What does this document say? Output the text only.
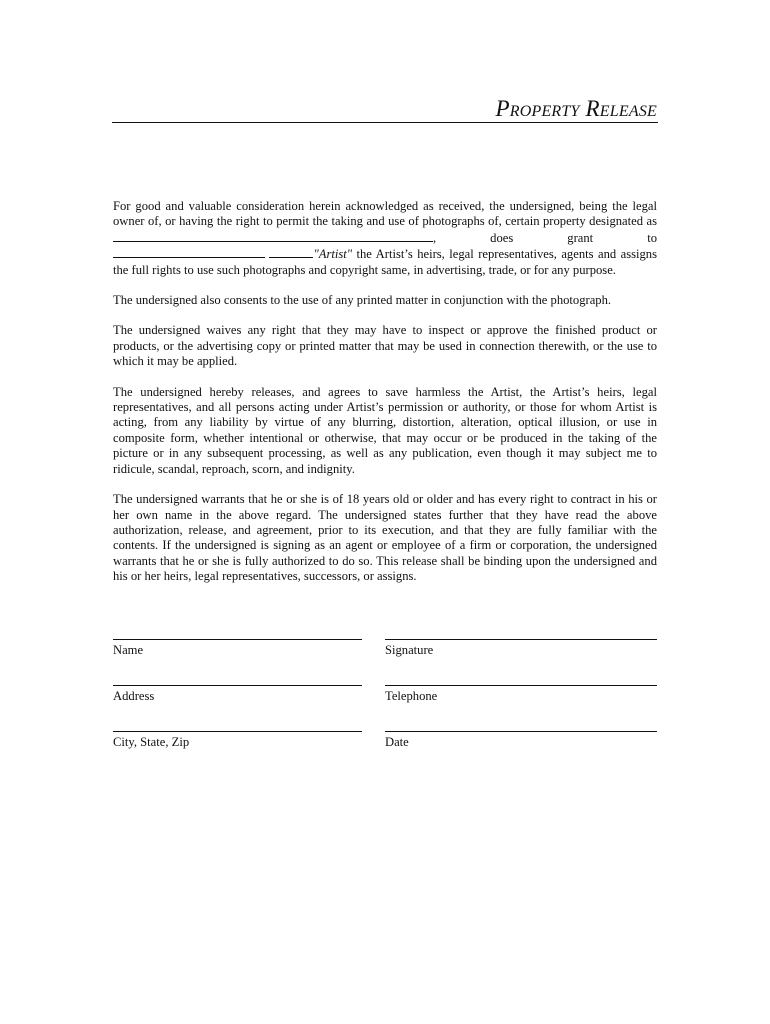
Property Release

For good and valuable consideration herein acknowledged as received, the undersigned, being the legal owner of, or having the right to permit the taking and use of photographs of, certain property designated as , does grant to  "Artist" the Artist’s heirs, legal representatives, agents and assigns the full rights to use such photographs and copyright same, in advertising, trade, or for any purpose.

The undersigned also consents to the use of any printed matter in conjunction with the photograph.

The undersigned waives any right that they may have to inspect or approve the finished product or products, or the advertising copy or printed matter that may be used in connection therewith, or the use to which it may be applied.

The undersigned hereby releases, and agrees to save harmless the Artist, the Artist’s heirs, legal representatives, and all persons acting under Artist’s permission or authority, or those for whom Artist is acting, from any liability by virtue of any blurring, distortion, alteration, optical illusion, or use in composite form, whether intentional or otherwise, that may occur or be produced in the taking of the picture or in any subsequent processing, as well as any publication, even though it may subject me to ridicule, scandal, reproach, scorn, and indignity.

The undersigned warrants that he or she is of 18 years old or older and has every right to contract in his or her own name in the above regard. The undersigned states further that they have read the above authorization, release, and agreement, prior to its execution, and that they are fully familiar with the contents. If the undersigned is signing as an agent or employee of a firm or corporation, the undersigned warrants that he or she is fully authorized to do so. This release shall be binding upon the undersigned and his or her heirs, legal representatives, successors, or assigns.

Name	Signature
Address	Telephone
City, State, Zip	Date
